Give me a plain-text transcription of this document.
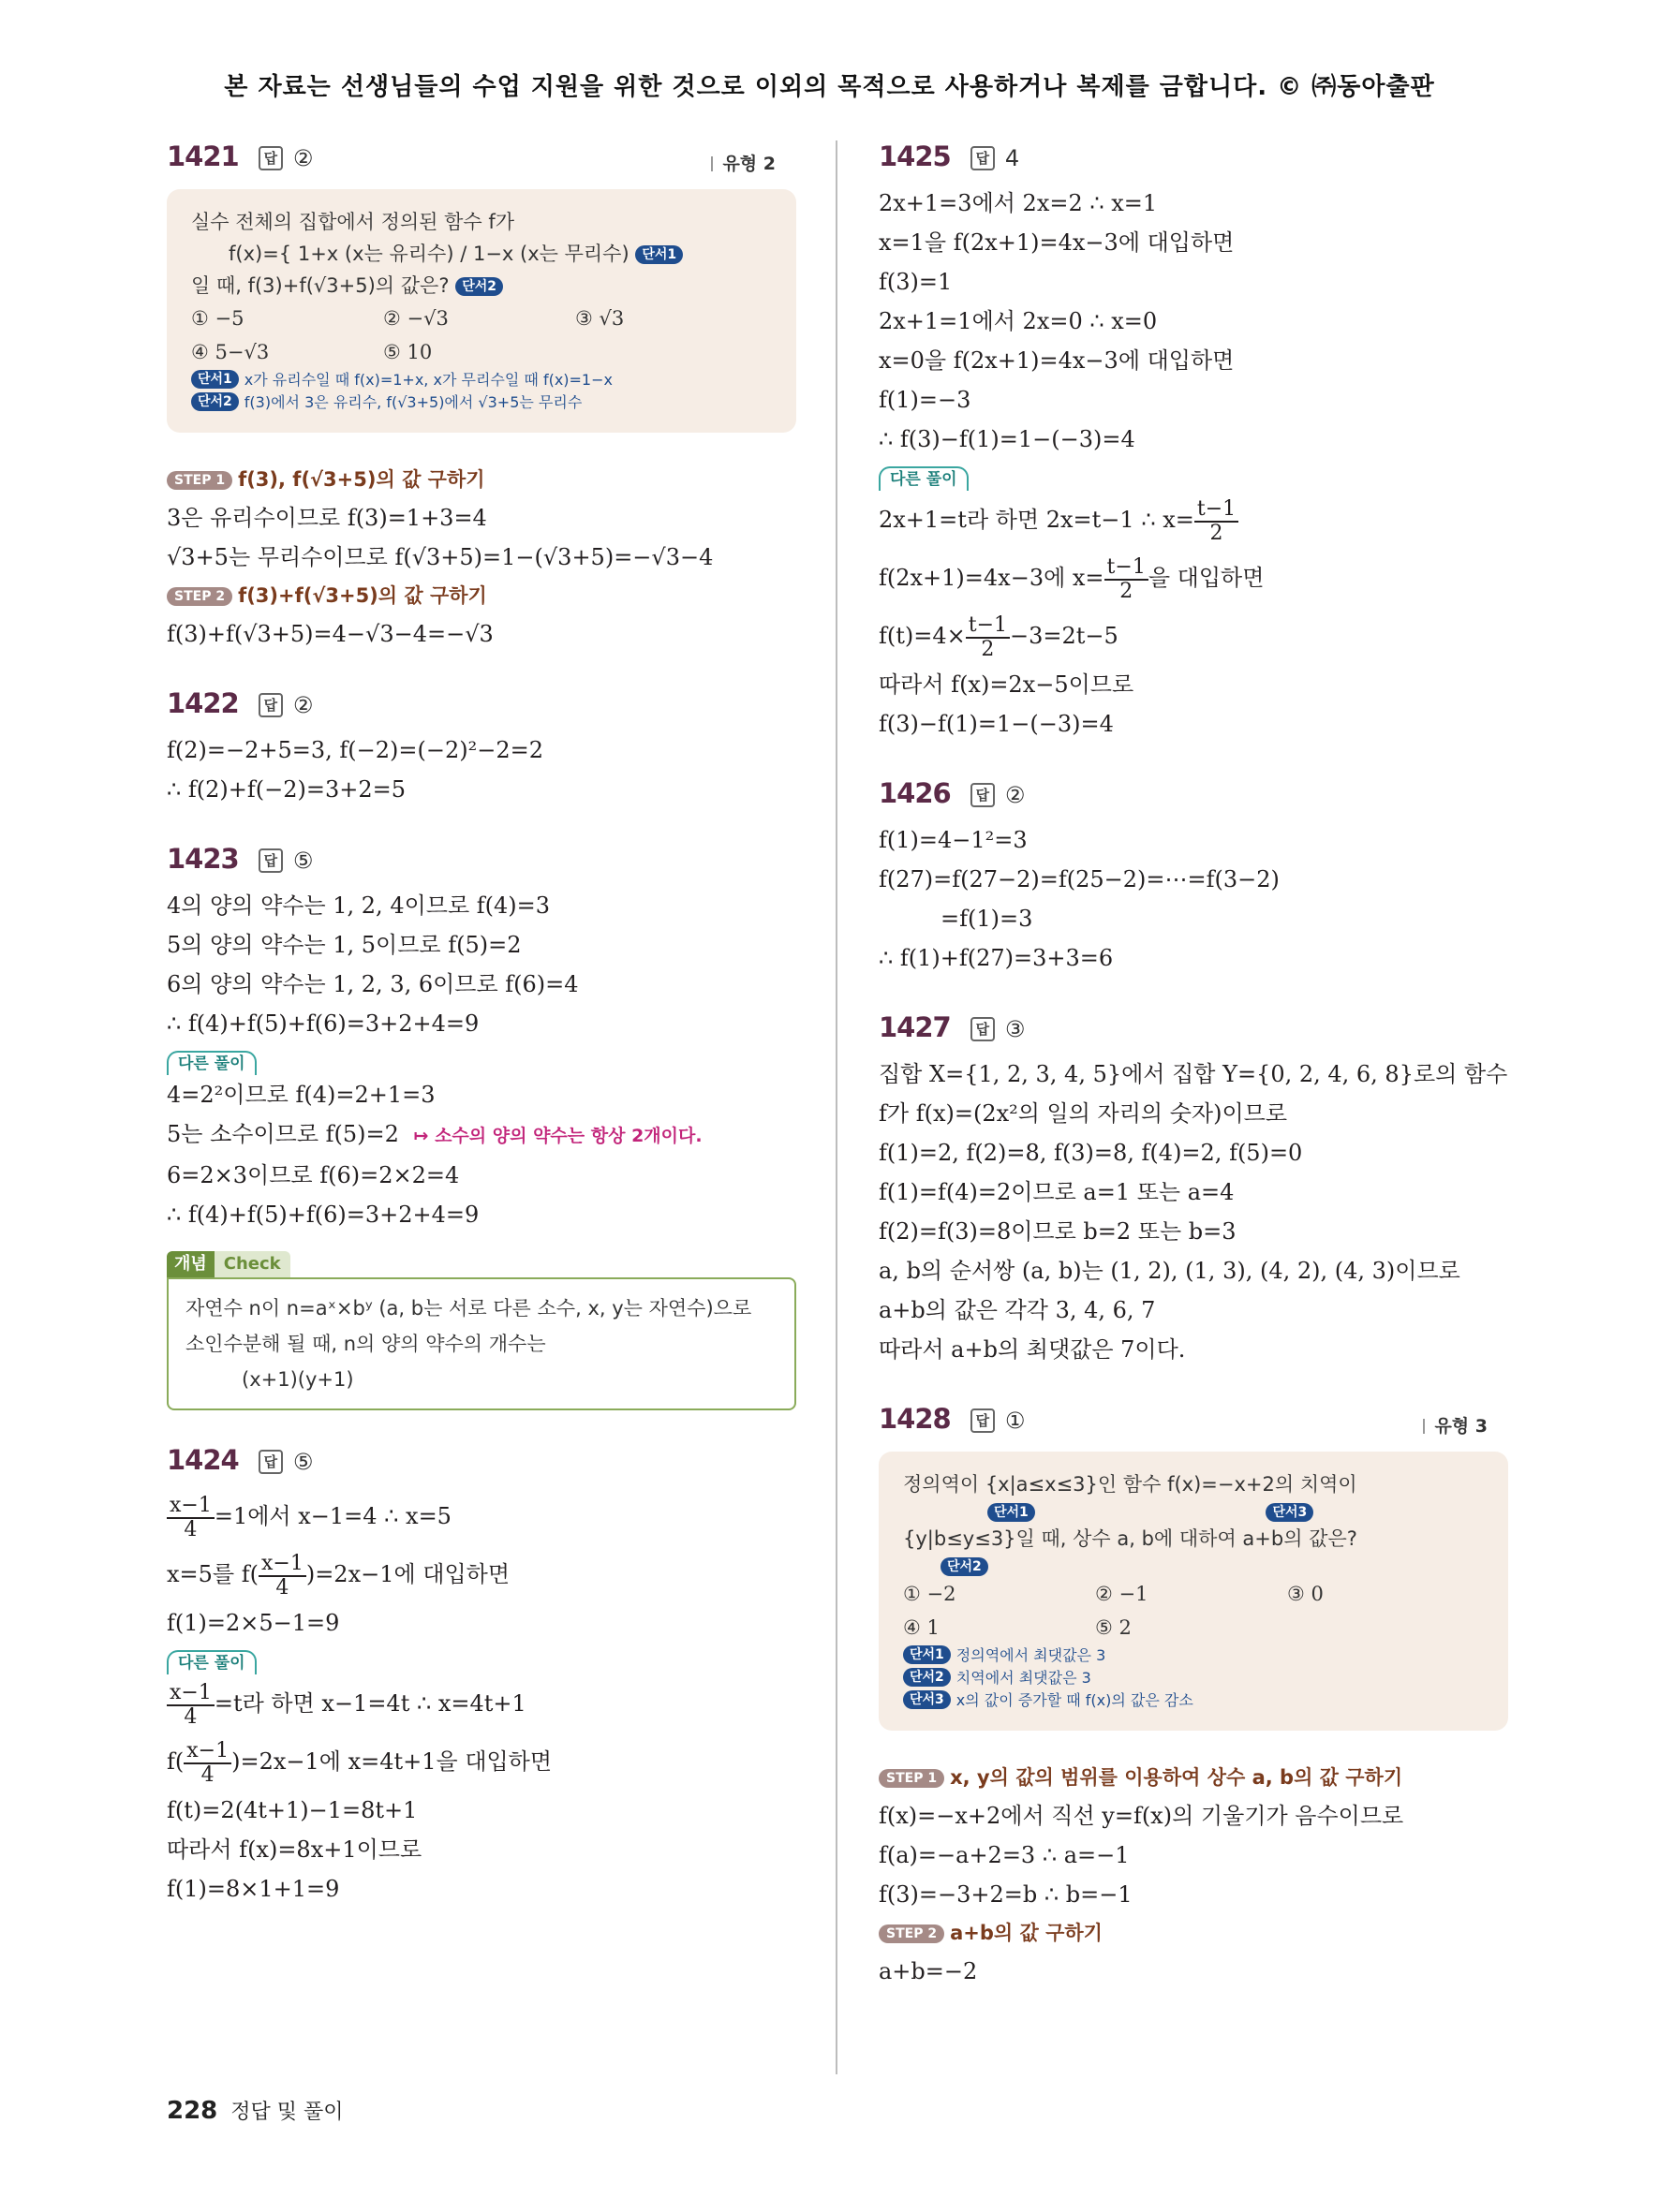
본 자료는 선생님들의 수업 지원을 위한 것으로 이외의 목적으로 사용하거나 복제를 금합니다. © ㈜동아출판
1421 답 ②	유형 2
실수 전체의 집합에서 정의된 함수 f가
f(x)={ 1+x (x는 유리수) / 1−x (x는 무리수) 단서1
일 때, f(3)+f(√3+5)의 값은? 단서2
① −5	② −√3	③ √3
④ 5−√3	⑤ 10
단서1 x가 유리수일 때 f(x)=1+x, x가 무리수일 때 f(x)=1−x
단서2 f(3)에서 3은 유리수, f(√3+5)에서 √3+5는 무리수
STEP 1 f(3), f(√3+5)의 값 구하기
3은 유리수이므로 f(3)=1+3=4
√3+5는 무리수이므로 f(√3+5)=1−(√3+5)=−√3−4
STEP 2 f(3)+f(√3+5)의 값 구하기
f(3)+f(√3+5)=4−√3−4=−√3
1422 답 ②
f(2)=−2+5=3, f(−2)=(−2)²−2=2
∴ f(2)+f(−2)=3+2=5
1423 답 ⑤
4의 양의 약수는 1, 2, 4이므로 f(4)=3
5의 양의 약수는 1, 5이므로 f(5)=2
6의 양의 약수는 1, 2, 3, 6이므로 f(6)=4
∴ f(4)+f(5)+f(6)=3+2+4=9
다른 풀이
4=2²이므로 f(4)=2+1=3
5는 소수이므로 f(5)=2 ↦ 소수의 양의 약수는 항상 2개이다.
6=2×3이므로 f(6)=2×2=4
∴ f(4)+f(5)+f(6)=3+2+4=9
개념 Check
자연수 n이 n=aˣ×bʸ (a, b는 서로 다른 소수, x, y는 자연수)으로
소인수분해 될 때, n의 양의 약수의 개수는
(x+1)(y+1)
1424 답 ⑤
$\frac{x-1}{4} =1$에서 x−1=4 ∴ x=5
x=5를 $f( \frac{x-1}{4} )=2x-1$에 대입하면
f(1)=2×5−1=9
다른 풀이
$\frac{x-1}{4} =t$라 하면 x−1=4t ∴ x=4t+1
$f( \frac{x-1}{4} )=2x-1$에 x=4t+1을 대입하면
f(t)=2(4t+1)−1=8t+1
따라서 f(x)=8x+1이므로
f(1)=8×1+1=9
1425 답 4
2x+1=3에서 2x=2 ∴ x=1
x=1을 f(2x+1)=4x−3에 대입하면
f(3)=1
2x+1=1에서 2x=0 ∴ x=0
x=0을 f(2x+1)=4x−3에 대입하면
f(1)=−3
∴ f(3)−f(1)=1−(−3)=4
다른 풀이
2x+1=t라 하면 2x=t−1 ∴ $x= \frac{t-1}{2}$
f(2x+1)=4x−3에 $x= \frac{t-1}{2}$ 을 대입하면
$f(t)=4\times \frac{t-1}{2} -3=2t-5$
따라서 f(x)=2x−5이므로
f(3)−f(1)=1−(−3)=4
1426 답 ②
f(1)=4−1²=3
f(27)=f(27−2)=f(25−2)=⋯=f(3−2)
=f(1)=3
∴ f(1)+f(27)=3+3=6
1427 답 ③
집합 X={1, 2, 3, 4, 5}에서 집합 Y={0, 2, 4, 6, 8}로의 함수
f가 f(x)=(2x²의 일의 자리의 숫자)이므로
f(1)=2, f(2)=8, f(3)=8, f(4)=2, f(5)=0
f(1)=f(4)=2이므로 a=1 또는 a=4
f(2)=f(3)=8이므로 b=2 또는 b=3
a, b의 순서쌍 (a, b)는 (1, 2), (1, 3), (4, 2), (4, 3)이므로
a+b의 값은 각각 3, 4, 6, 7
따라서 a+b의 최댓값은 7이다.
1428 답 ①	유형 3
정의역이 {x|a≤x≤3}인 함수 f(x)=−x+2의 치역이
단서1	단서3
{y|b≤y≤3}일 때, 상수 a, b에 대하여 a+b의 값은?
단서2
① −2	② −1	③ 0
④ 1	⑤ 2
단서1 정의역에서 최댓값은 3
단서2 치역에서 최댓값은 3
단서3 x의 값이 증가할 때 f(x)의 값은 감소
STEP 1 x, y의 값의 범위를 이용하여 상수 a, b의 값 구하기
f(x)=−x+2에서 직선 y=f(x)의 기울기가 음수이므로
f(a)=−a+2=3 ∴ a=−1
f(3)=−3+2=b ∴ b=−1
STEP 2 a+b의 값 구하기
a+b=−2
228 정답 및 풀이
